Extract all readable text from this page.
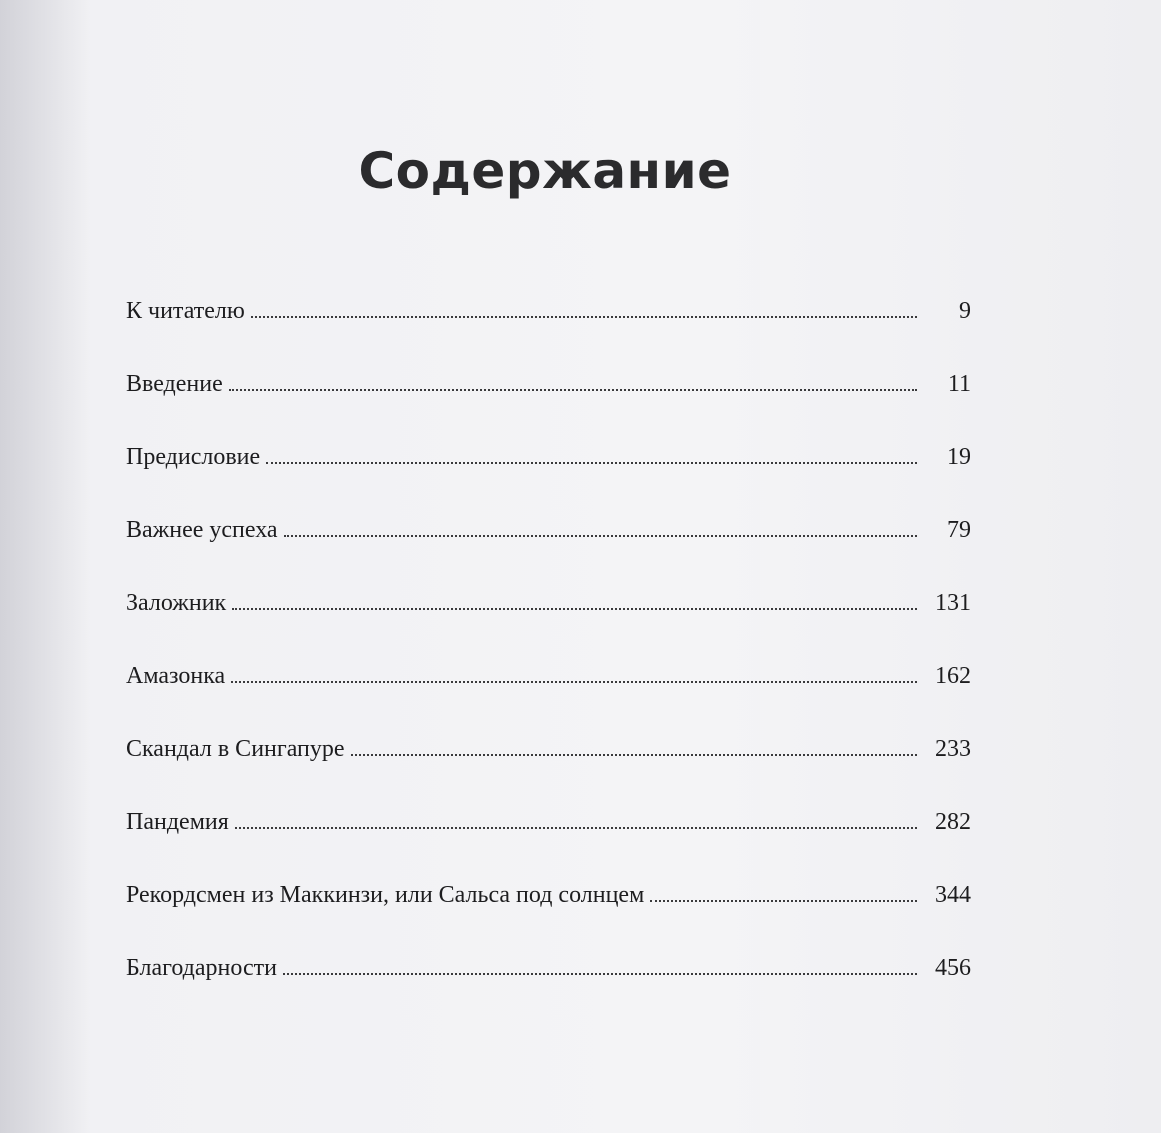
Содержание
К читателю	9
Введение	11
Предисловие	19
Важнее успеха	79
Заложник	131
Амазонка	162
Скандал в Сингапуре	233
Пандемия	282
Рекордсмен из Маккинзи, или Сальса под солнцем	344
Благодарности	456
